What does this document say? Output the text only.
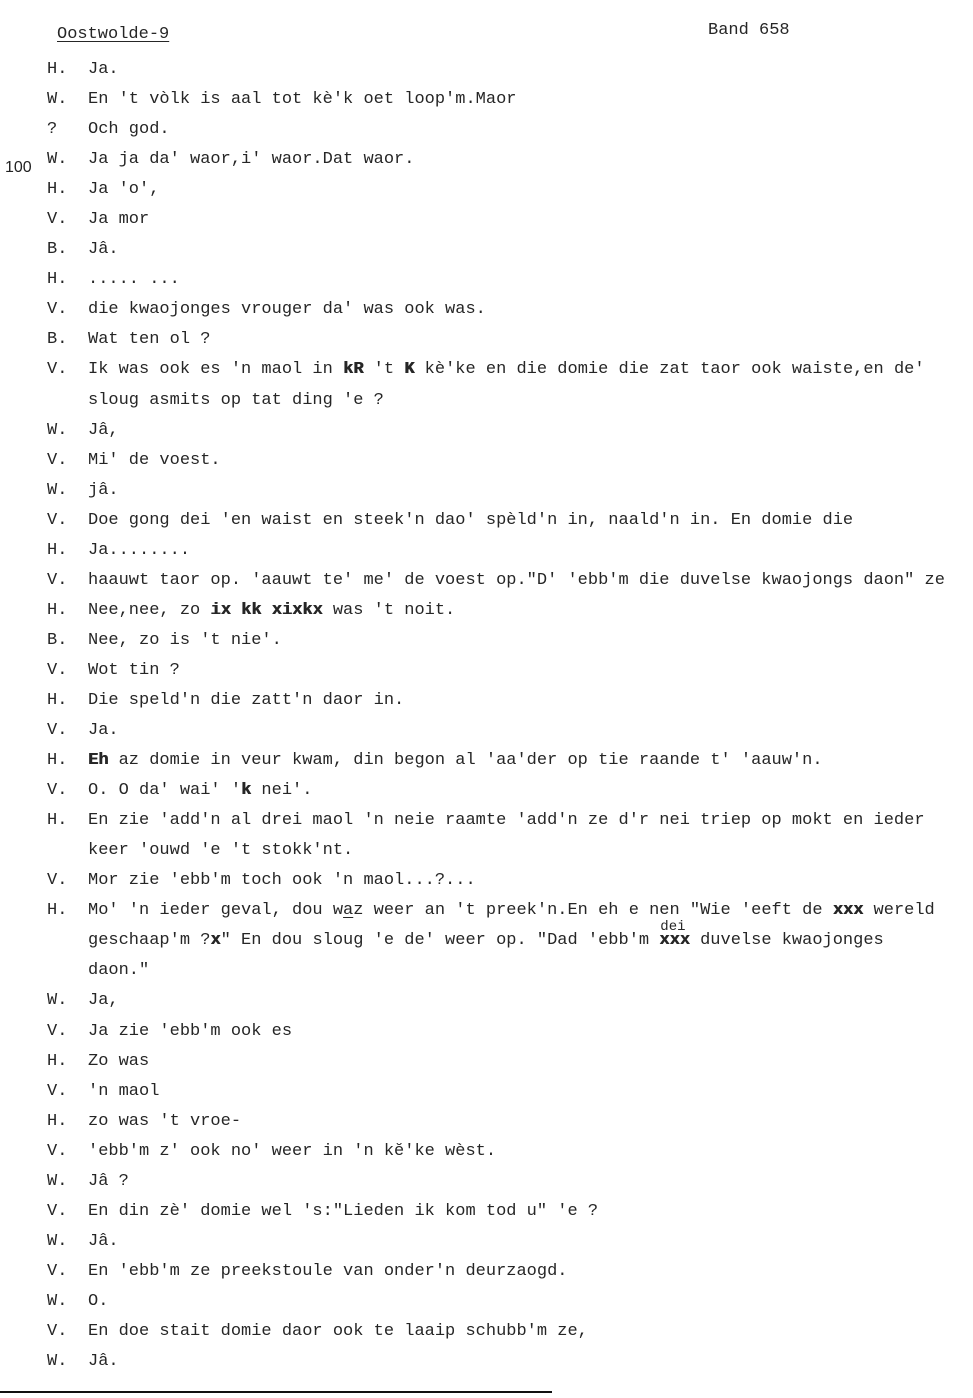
Oostwolde-9	Band 658
100
H. Ja.
W. En 't vòlk is aal tot kè'k oet loop'm.Maor
? Och god.
W. Ja ja da' waor,i' waor.Dat waor.
H. Ja 'o',
V. Ja mor
B. Jâ.
H. ..... ...
V. die kwaojonges vrouger da' was ook was.
B. Wat ten ol ?
V. Ik was ook es 'n maol in kR 't K kè'ke en die domie die zat taor ook waiste,en de'
sloug asmits op tat ding 'e ?
W. Jâ,
V. Mi' de voest.
W. jâ.
V. Doe gong dei 'en waist en steek'n dao' spèld'n in, naald'n in. En domie die
H. Ja........
V. haauwt taor op. 'aauwt te' me' de voest op."D' 'ebb'm die duvelse kwaojongs daon" ze
H. Nee,nee, zo ix kk xixkx was 't noit.
B. Nee, zo is 't nie'.
V. Wot tin ?
H. Die speld'n die zatt'n daor in.
V. Ja.
H. Eh az domie in veur kwam, din begon al 'aa'der op tie raande t' 'aauw'n.
V. O. O da' wai' 'k nei'.
H. En zie 'add'n al drei maol 'n neie raamte 'add'n ze d'r nei triep op mokt en ieder
keer 'ouwd 'e 't stokk'nt.
V. Mor zie 'ebb'm toch ook 'n maol...?...
H. Mo' 'n ieder geval, dou waz weer an 't preek'n.En eh e nen "Wie 'eeft de xxx wereld
geschaap'm ?x" En dou sloug 'e de' weer op. "Dad 'ebb'm xxx
dei
duvelse kwaojonges
daon."
W. Ja,
V. Ja zie 'ebb'm ook es
H. Zo was
V. 'n maol
H. zo was 't vroe-
V. 'ebb'm z' ook no' weer in 'n kĕ'ke wèst.
W. Jâ ?
V. En din zè' domie wel 's:"Lieden ik kom tod u" 'e ?
W. Jâ.
V. En 'ebb'm ze preekstoule van onder'n deurzaogd.
W. O.
V. En doe stait domie daor ook te laaip schubb'm ze,
W. Jâ.
